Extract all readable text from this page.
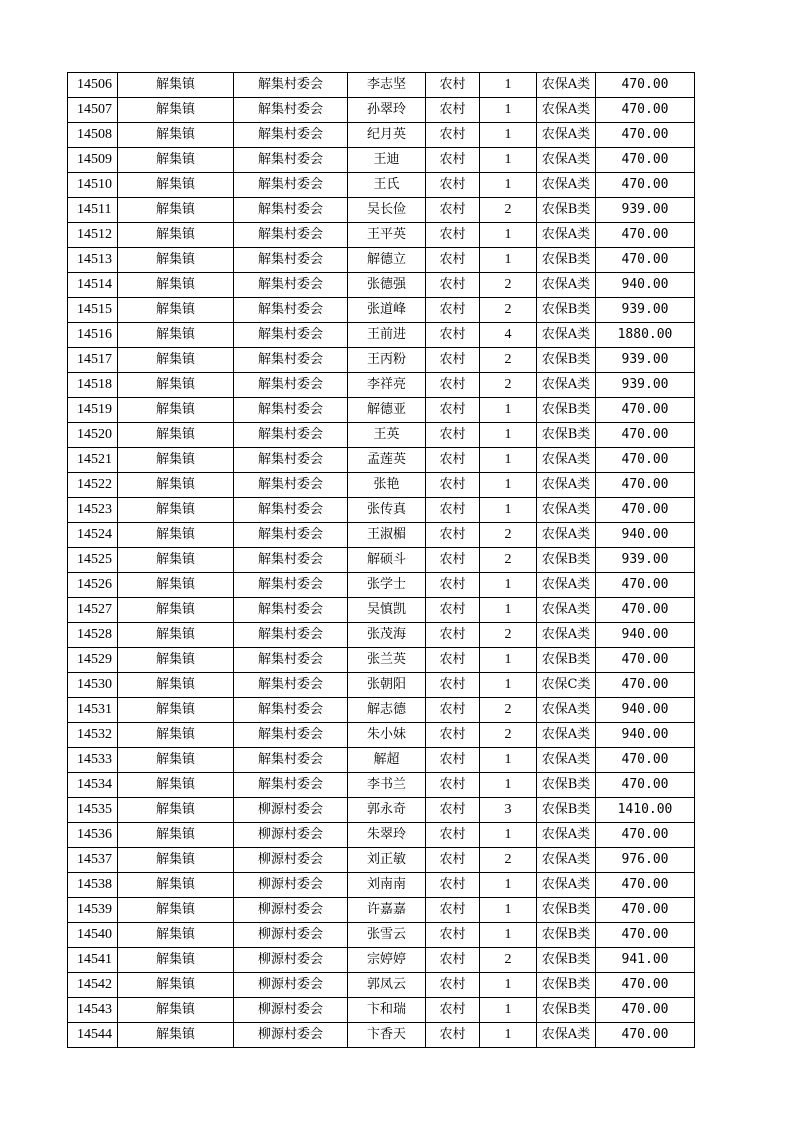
14506	解集镇	解集村委会	李志坚	农村	1	农保A类	470.00
14507	解集镇	解集村委会	孙翠玲	农村	1	农保A类	470.00
14508	解集镇	解集村委会	纪月英	农村	1	农保A类	470.00
14509	解集镇	解集村委会	王迪	农村	1	农保A类	470.00
14510	解集镇	解集村委会	王氏	农村	1	农保A类	470.00
14511	解集镇	解集村委会	吴长俭	农村	2	农保B类	939.00
14512	解集镇	解集村委会	王平英	农村	1	农保A类	470.00
14513	解集镇	解集村委会	解德立	农村	1	农保B类	470.00
14514	解集镇	解集村委会	张德强	农村	2	农保A类	940.00
14515	解集镇	解集村委会	张道峰	农村	2	农保B类	939.00
14516	解集镇	解集村委会	王前进	农村	4	农保A类	1880.00
14517	解集镇	解集村委会	王丙粉	农村	2	农保B类	939.00
14518	解集镇	解集村委会	李祥亮	农村	2	农保A类	939.00
14519	解集镇	解集村委会	解德亚	农村	1	农保B类	470.00
14520	解集镇	解集村委会	王英	农村	1	农保B类	470.00
14521	解集镇	解集村委会	孟莲英	农村	1	农保A类	470.00
14522	解集镇	解集村委会	张艳	农村	1	农保A类	470.00
14523	解集镇	解集村委会	张传真	农村	1	农保A类	470.00
14524	解集镇	解集村委会	王淑楣	农村	2	农保A类	940.00
14525	解集镇	解集村委会	解硕斗	农村	2	农保B类	939.00
14526	解集镇	解集村委会	张学士	农村	1	农保A类	470.00
14527	解集镇	解集村委会	吴慎凯	农村	1	农保A类	470.00
14528	解集镇	解集村委会	张茂海	农村	2	农保A类	940.00
14529	解集镇	解集村委会	张兰英	农村	1	农保B类	470.00
14530	解集镇	解集村委会	张朝阳	农村	1	农保C类	470.00
14531	解集镇	解集村委会	解志德	农村	2	农保A类	940.00
14532	解集镇	解集村委会	朱小妹	农村	2	农保A类	940.00
14533	解集镇	解集村委会	解超	农村	1	农保A类	470.00
14534	解集镇	解集村委会	李书兰	农村	1	农保B类	470.00
14535	解集镇	柳源村委会	郭永奇	农村	3	农保B类	1410.00
14536	解集镇	柳源村委会	朱翠玲	农村	1	农保A类	470.00
14537	解集镇	柳源村委会	刘正敏	农村	2	农保A类	976.00
14538	解集镇	柳源村委会	刘南南	农村	1	农保A类	470.00
14539	解集镇	柳源村委会	许嘉嘉	农村	1	农保B类	470.00
14540	解集镇	柳源村委会	张雪云	农村	1	农保B类	470.00
14541	解集镇	柳源村委会	宗婷婷	农村	2	农保B类	941.00
14542	解集镇	柳源村委会	郭凤云	农村	1	农保B类	470.00
14543	解集镇	柳源村委会	卞和瑞	农村	1	农保B类	470.00
14544	解集镇	柳源村委会	卞香天	农村	1	农保A类	470.00
